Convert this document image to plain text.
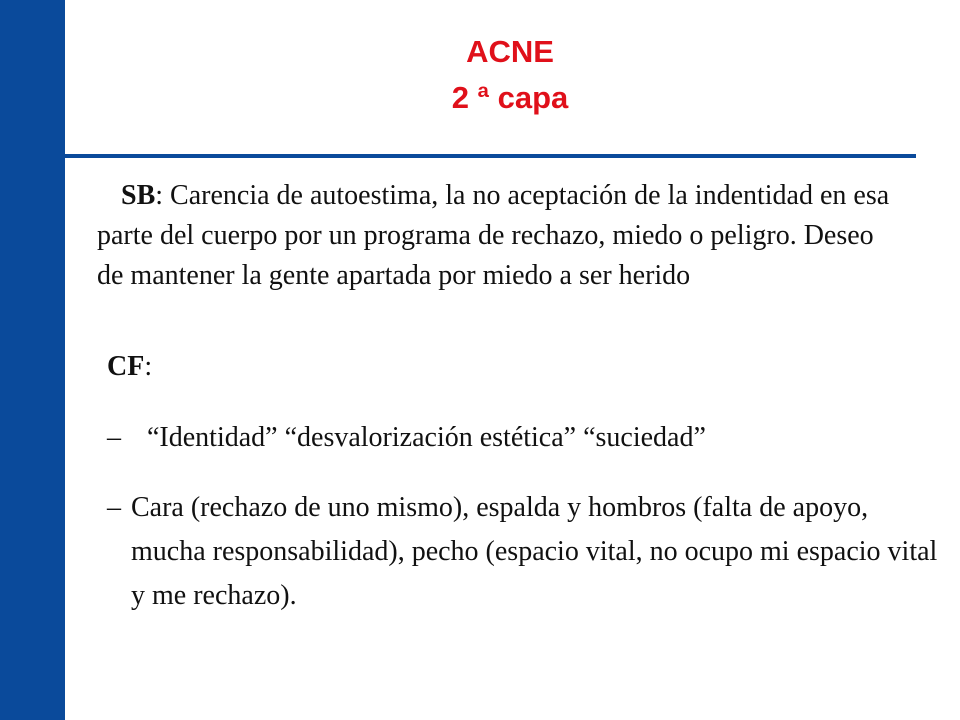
ACNE
2 ª capa

SB: Carencia de autoestima, la no aceptación de la indentidad en esa parte del cuerpo por un programa de rechazo, miedo o peligro. Deseo de mantener la gente apartada por miedo a ser herido

CF:

– “Identidad” “desvalorización estética” “suciedad”
– Cara (rechazo de uno mismo), espalda y hombros (falta de apoyo, mucha responsabilidad), pecho (espacio vital, no ocupo mi espacio vital y me rechazo).
